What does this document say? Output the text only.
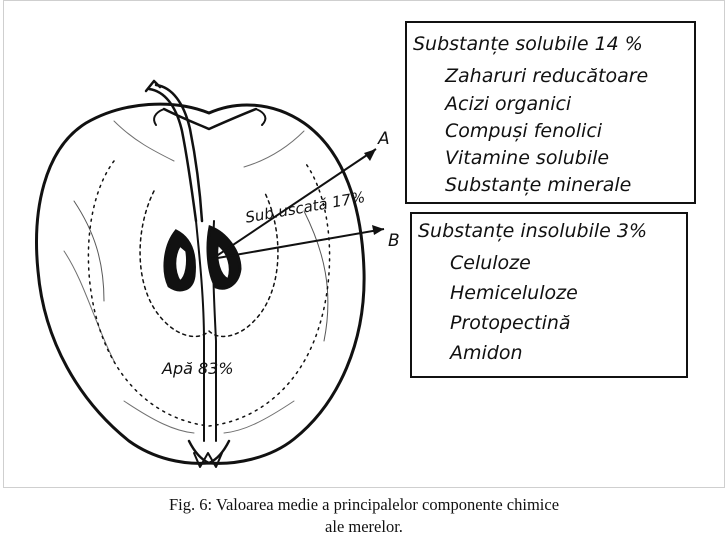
A
B
Sub.uscată 17%
Apă 83%
Substanțe solubile 14 %
Zaharuri reducătoare
Acizi organici
Compuși fenolici
Vitamine solubile
Substanțe minerale
Substanțe insolubile 3%
Celuloze
Hemiceluloze
Protopectină
Amidon
Fig. 6: Valoarea medie a principalelor componente chimice
ale merelor.
